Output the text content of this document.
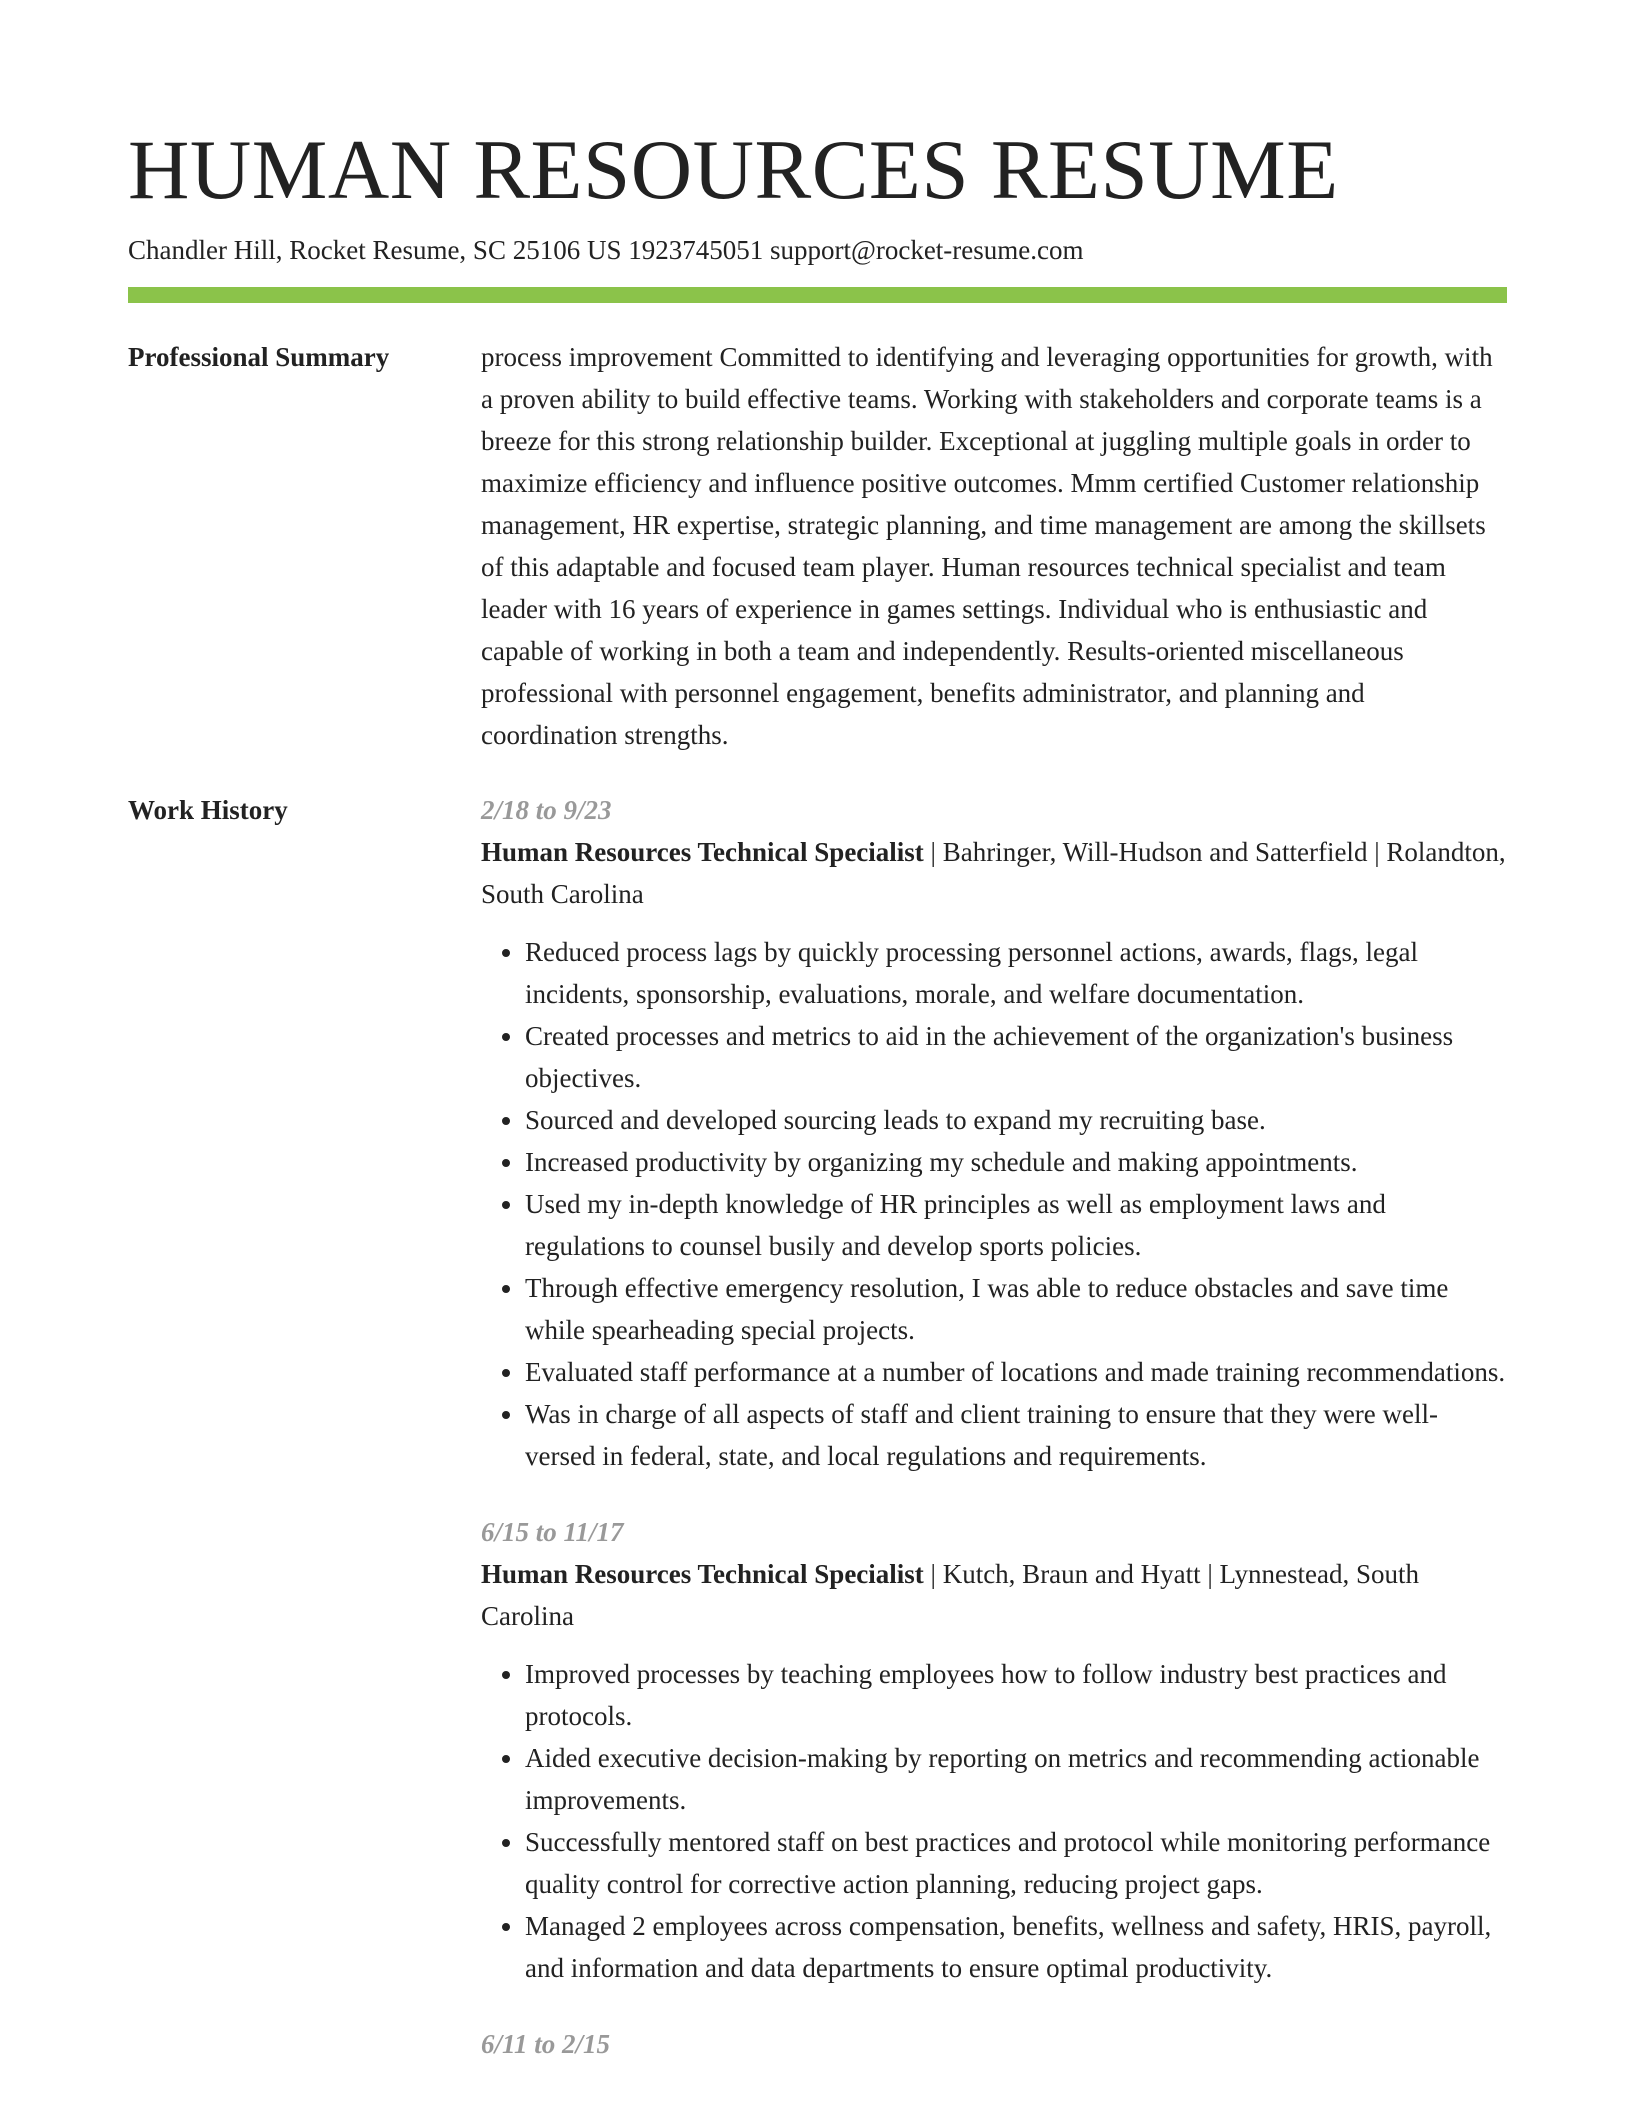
HUMAN RESOURCES RESUME
Chandler Hill, Rocket Resume, SC 25106 US 1923745051 support@rocket-resume.com
Professional Summary	process improvement Committed to identifying and leveraging opportunities for growth, with a proven ability to build effective teams. Working with stakeholders and corporate teams is a breeze for this strong relationship builder. Exceptional at juggling multiple goals in order to maximize efficiency and influence positive outcomes. Mmm certified Customer relationship management, HR expertise, strategic planning, and time management are among the skillsets of this adaptable and focused team player. Human resources technical specialist and team leader with 16 years of experience in games settings. Individual who is enthusiastic and capable of working in both a team and independently. Results-oriented miscellaneous professional with personnel engagement, benefits administrator, and planning and coordination strengths.
Work History	2/18 to 9/23
Human Resources Technical Specialist | Bahringer, Will-Hudson and Satterfield | Rolandton, South Carolina
• Reduced process lags by quickly processing personnel actions, awards, flags, legal incidents, sponsorship, evaluations, morale, and welfare documentation.
• Created processes and metrics to aid in the achievement of the organization's business objectives.
• Sourced and developed sourcing leads to expand my recruiting base.
• Increased productivity by organizing my schedule and making appointments.
• Used my in-depth knowledge of HR principles as well as employment laws and regulations to counsel busily and develop sports policies.
• Through effective emergency resolution, I was able to reduce obstacles and save time while spearheading special projects.
• Evaluated staff performance at a number of locations and made training recommendations.
• Was in charge of all aspects of staff and client training to ensure that they were well-versed in federal, state, and local regulations and requirements.
6/15 to 11/17
Human Resources Technical Specialist | Kutch, Braun and Hyatt | Lynnestead, South Carolina
• Improved processes by teaching employees how to follow industry best practices and protocols.
• Aided executive decision-making by reporting on metrics and recommending actionable improvements.
• Successfully mentored staff on best practices and protocol while monitoring performance quality control for corrective action planning, reducing project gaps.
• Managed 2 employees across compensation, benefits, wellness and safety, HRIS, payroll, and information and data departments to ensure optimal productivity.
6/11 to 2/15
